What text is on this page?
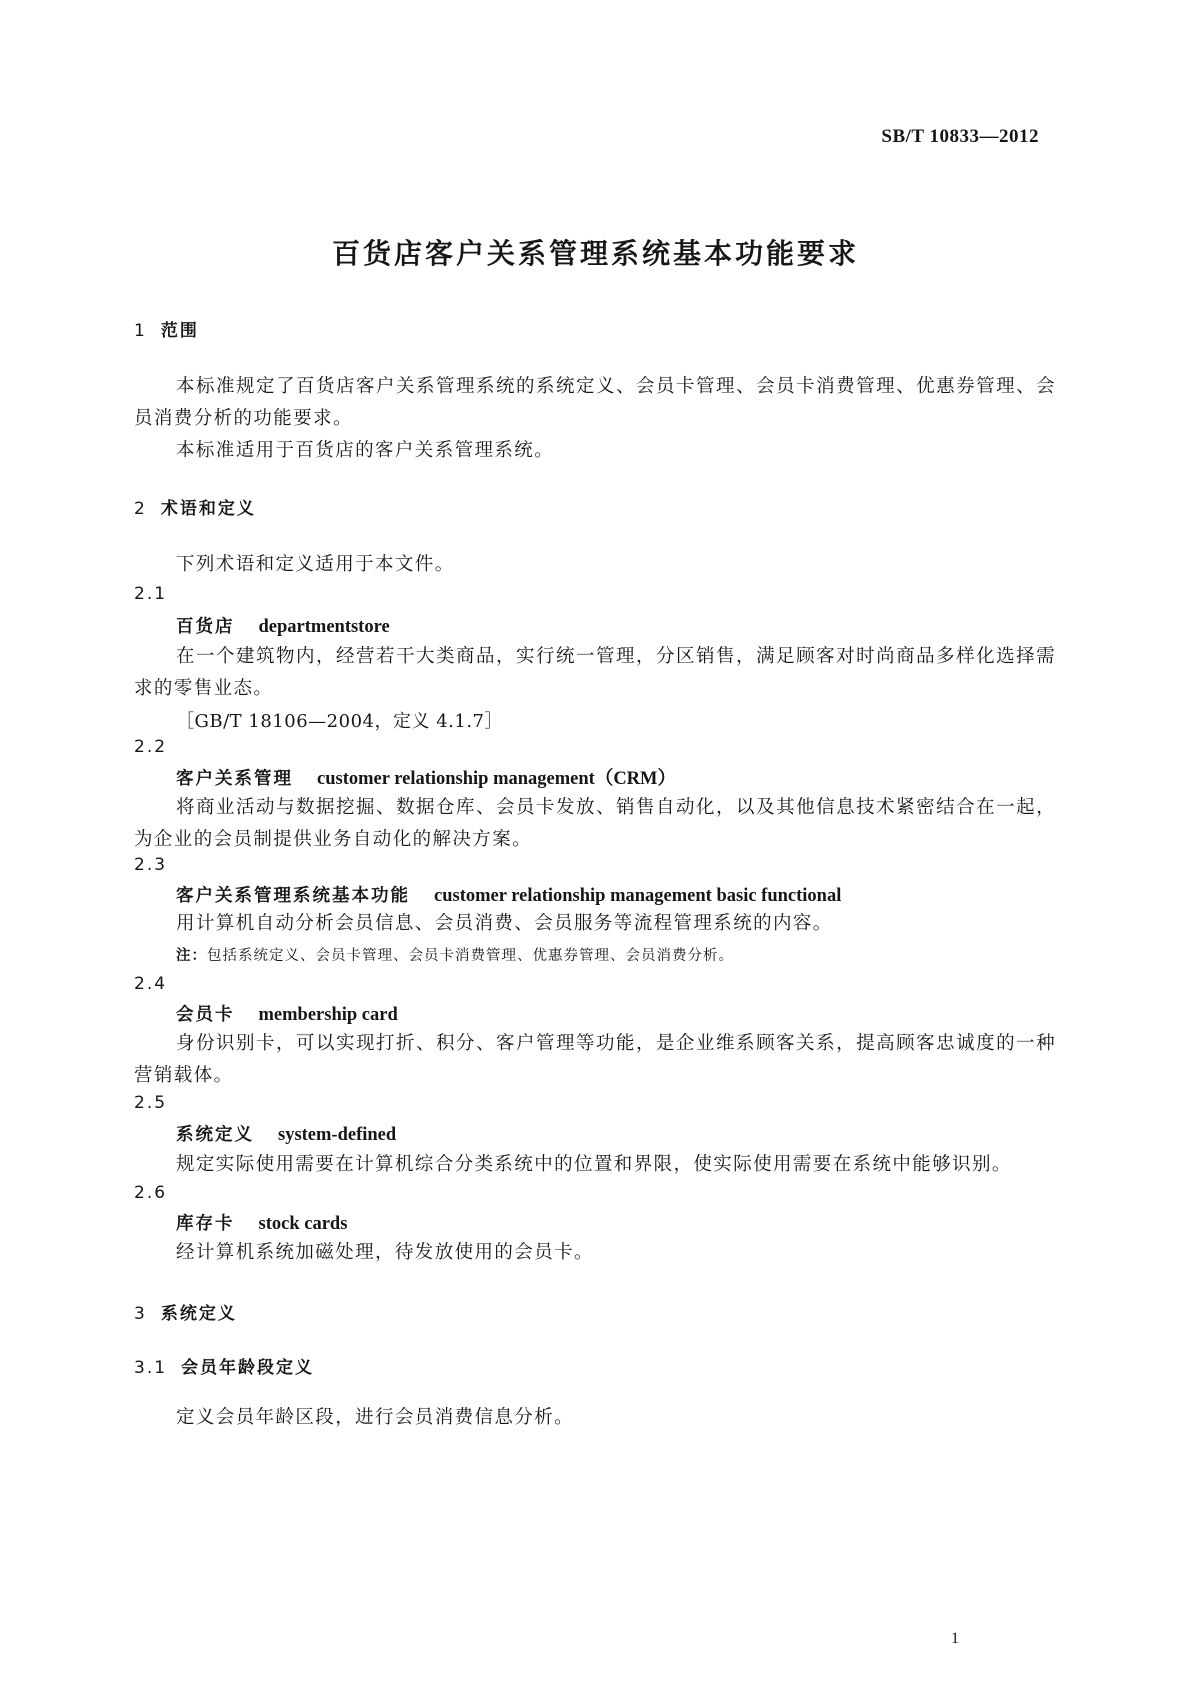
SB/T 10833—2012
百货店客户关系管理系统基本功能要求
1 范围
本标准规定了百货店客户关系管理系统的系统定义、会员卡管理、会员卡消费管理、优惠券管理、会员消费分析的功能要求。
本标准适用于百货店的客户关系管理系统。
2 术语和定义
下列术语和定义适用于本文件。
2.1
百货店 departmentstore
在一个建筑物内，经营若干大类商品，实行统一管理，分区销售，满足顾客对时尚商品多样化选择需求的零售业态。
［GB/T 18106—2004，定义 4.1.7］
2.2
客户关系管理 customer relationship management（CRM）
将商业活动与数据挖掘、数据仓库、会员卡发放、销售自动化，以及其他信息技术紧密结合在一起，为企业的会员制提供业务自动化的解决方案。
2.3
客户关系管理系统基本功能 customer relationship management basic functional
用计算机自动分析会员信息、会员消费、会员服务等流程管理系统的内容。
注：包括系统定义、会员卡管理、会员卡消费管理、优惠券管理、会员消费分析。
2.4
会员卡 membership card
身份识别卡，可以实现打折、积分、客户管理等功能，是企业维系顾客关系，提高顾客忠诚度的一种营销载体。
2.5
系统定义 system-defined
规定实际使用需要在计算机综合分类系统中的位置和界限，使实际使用需要在系统中能够识别。
2.6
库存卡 stock cards
经计算机系统加磁处理，待发放使用的会员卡。
3 系统定义
3.1 会员年龄段定义
定义会员年龄区段，进行会员消费信息分析。
1
